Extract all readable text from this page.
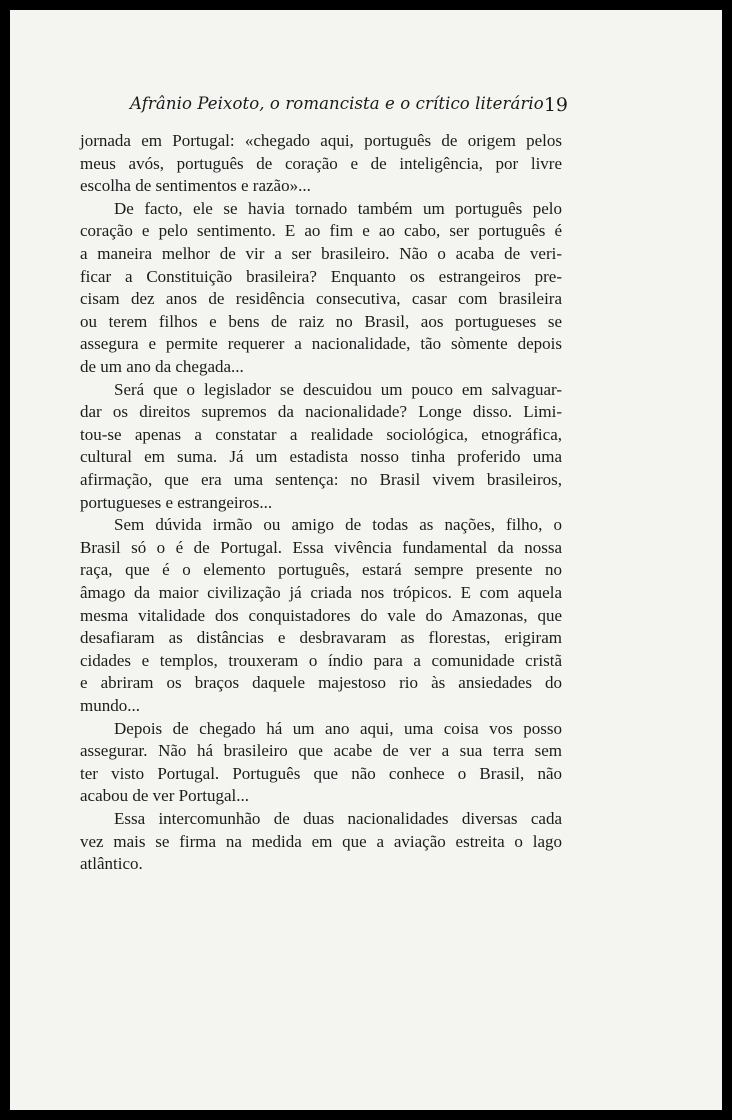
Afrânio Peixoto, o romancista e o crítico literário 19
jornada em Portugal: «chegado aqui, português de origem pelos
meus avós, português de coração e de inteligência, por livre
escolha de sentimentos e razão»...
De facto, ele se havia tornado também um português pelo
coração e pelo sentimento. E ao fim e ao cabo, ser português é
a maneira melhor de vir a ser brasileiro. Não o acaba de veri-
ficar a Constituição brasileira? Enquanto os estrangeiros pre-
cisam dez anos de residência consecutiva, casar com brasileira
ou terem filhos e bens de raiz no Brasil, aos portugueses se
assegura e permite requerer a nacionalidade, tão sòmente depois
de um ano da chegada...
Será que o legislador se descuidou um pouco em salvaguar-
dar os direitos supremos da nacionalidade? Longe disso. Limi-
tou-se apenas a constatar a realidade sociológica, etnográfica,
cultural em suma. Já um estadista nosso tinha proferido uma
afirmação, que era uma sentença: no Brasil vivem brasileiros,
portugueses e estrangeiros...
Sem dúvida irmão ou amigo de todas as nações, filho, o
Brasil só o é de Portugal. Essa vivência fundamental da nossa
raça, que é o elemento português, estará sempre presente no
âmago da maior civilização já criada nos trópicos. E com aquela
mesma vitalidade dos conquistadores do vale do Amazonas, que
desafiaram as distâncias e desbravaram as florestas, erigiram
cidades e templos, trouxeram o índio para a comunidade cristã
e abriram os braços daquele majestoso rio às ansiedades do
mundo...
Depois de chegado há um ano aqui, uma coisa vos posso
assegurar. Não há brasileiro que acabe de ver a sua terra sem
ter visto Portugal. Português que não conhece o Brasil, não
acabou de ver Portugal...
Essa intercomunhão de duas nacionalidades diversas cada
vez mais se firma na medida em que a aviação estreita o lago
atlântico.
